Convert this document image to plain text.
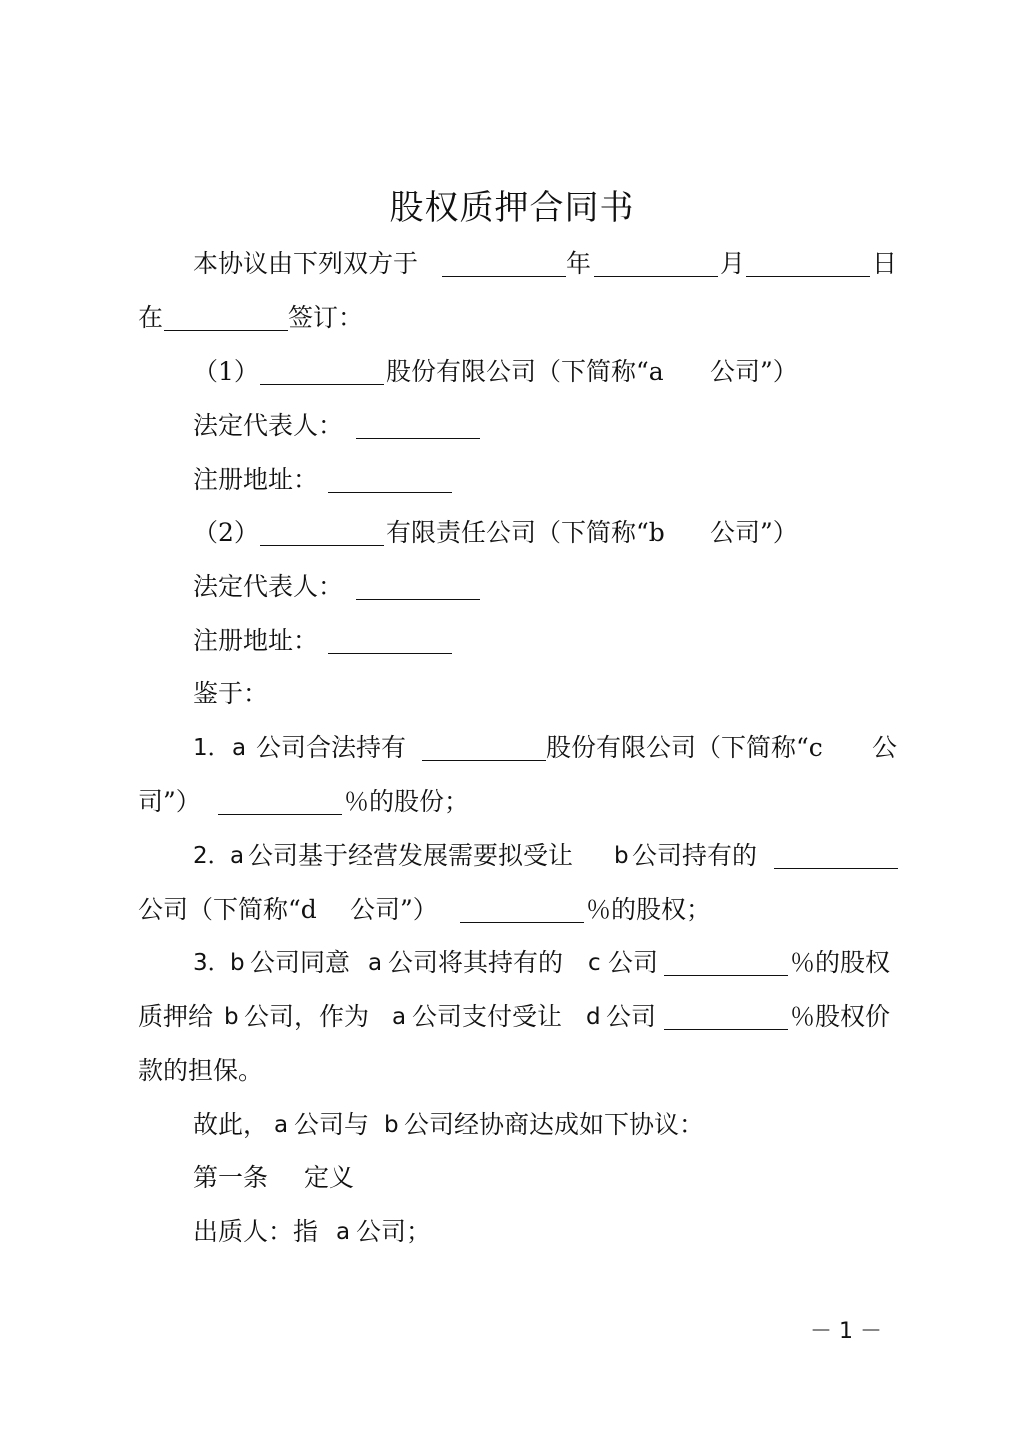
股权质押合同书
本协议由下列双方于	年	月	日
在	签订：
（1）	股份有限公司（下简称“a 公司”）
法定代表人：
注册地址：
（2）	有限责任公司（下简称“b 公司”）
法定代表人：
注册地址：
鉴于：
1． a 公司合法持有	股份有限公司（下简称“c 公
司”）	％的股份；
2． a 公司基于经营发展需要拟受让 b 公司持有的
公司（下简称“d 公司”）	％的股权；
3． b 公司同意 a 公司将其持有的 c 公司	％的股权
质押给 b 公司，作为 a 公司支付受让 d 公司	％股权价
款的担保。
故此， a 公司与 b 公司经协商达成如下协议：
第一条 定义
出质人：指 a 公司；
－ 1 －
